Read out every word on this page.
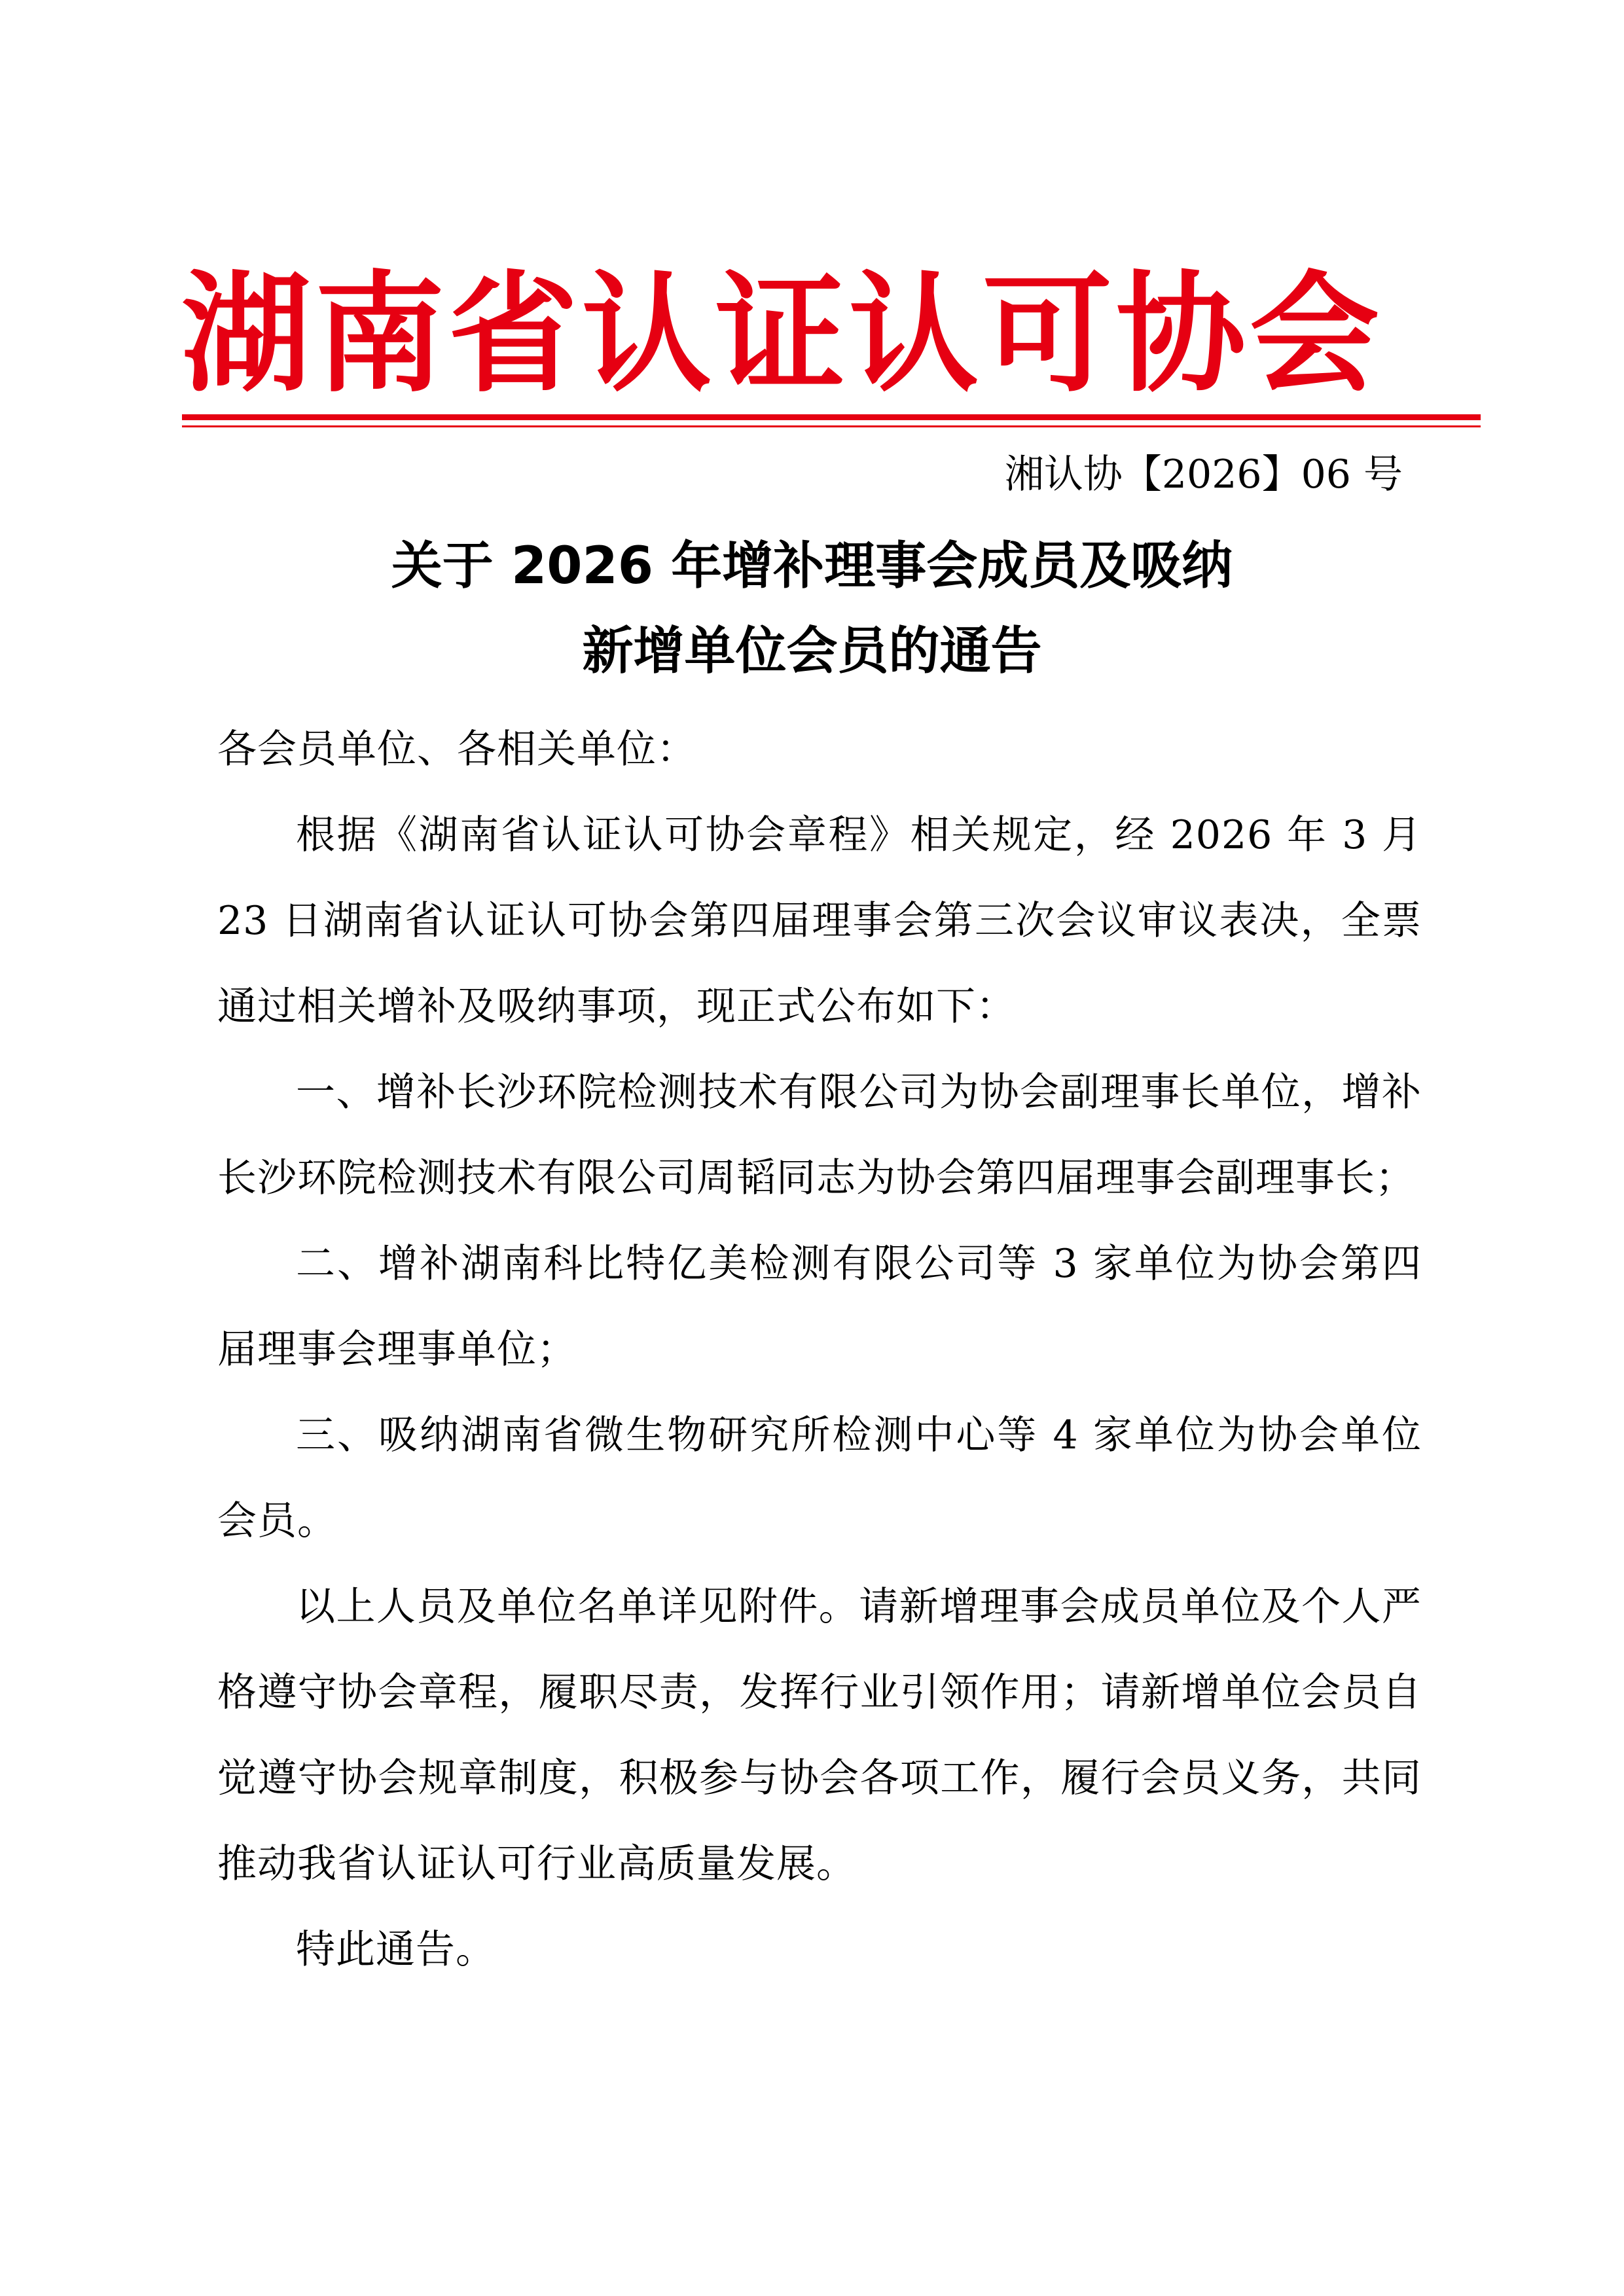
湖南省认证认可协会
湘认协【2026】06 号
关于 2026 年增补理事会成员及吸纳
新增单位会员的通告

各会员单位、各相关单位：

根据《湖南省认证认可协会章程》相关规定，经 2026 年 3 月23 日湖南省认证认可协会第四届理事会第三次会议审议表决，全票通过相关增补及吸纳事项，现正式公布如下：

一、增补长沙环院检测技术有限公司为协会副理事长单位，增补长沙环院检测技术有限公司周韬同志为协会第四届理事会副理事长；

二、增补湖南科比特亿美检测有限公司等 3 家单位为协会第四届理事会理事单位；

三、吸纳湖南省微生物研究所检测中心等 4 家单位为协会单位会员。

以上人员及单位名单详见附件。请新增理事会成员单位及个人严格遵守协会章程，履职尽责，发挥行业引领作用；请新增单位会员自觉遵守协会规章制度，积极参与协会各项工作，履行会员义务，共同推动我省认证认可行业高质量发展。

特此通告。
